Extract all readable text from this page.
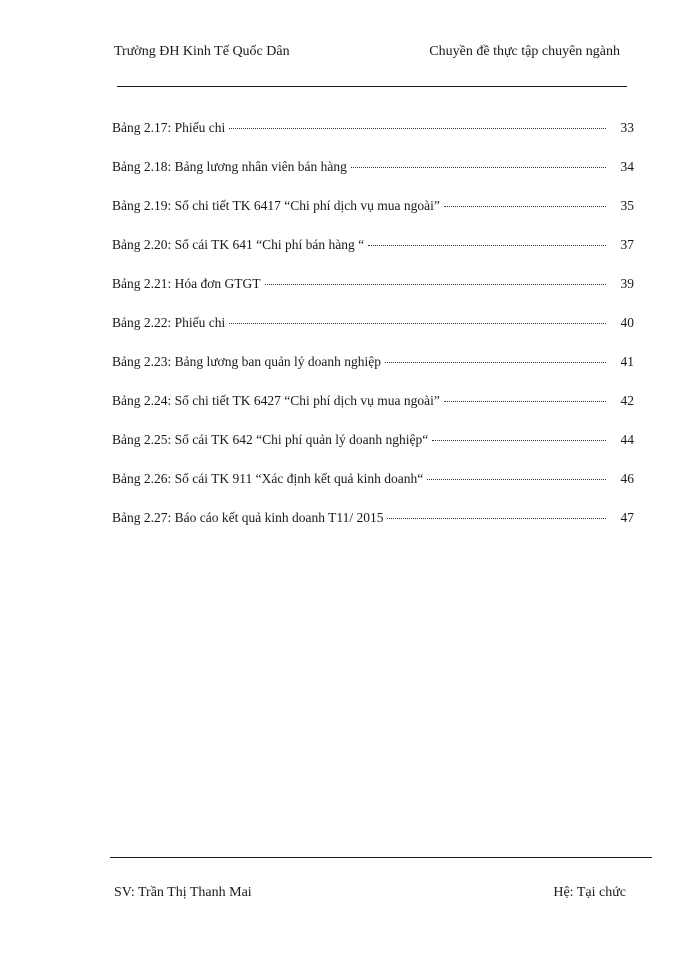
Trường ĐH Kinh Tế Quốc Dân	Chuyền đề thực tập chuyên ngành
Bảng 2.17: Phiếu chi	33
Bảng 2.18: Bảng lương nhân viên bán hàng	34
Bảng 2.19: Sổ chi tiết TK 6417 “Chi phí dịch vụ mua ngoài”	35
Bảng 2.20: Sổ cái TK 641 “Chi phí bán hàng “	37
Bảng 2.21: Hóa đơn GTGT	39
Bảng 2.22: Phiếu chi	40
Bảng 2.23: Bảng lương ban quản lý doanh nghiệp	41
Bảng 2.24: Sổ chi tiết TK 6427 “Chi phí dịch vụ mua ngoài”	42
Bảng 2.25: Sổ cái TK 642 “Chi phí quản lý doanh nghiệp“	44
Bảng 2.26: Sổ cái TK 911 “Xác định kết quả kinh doanh“	46
Bảng 2.27: Báo cáo kết quả kinh doanh T11/ 2015	47
SV: Trần Thị Thanh Mai	Hệ: Tại chức
